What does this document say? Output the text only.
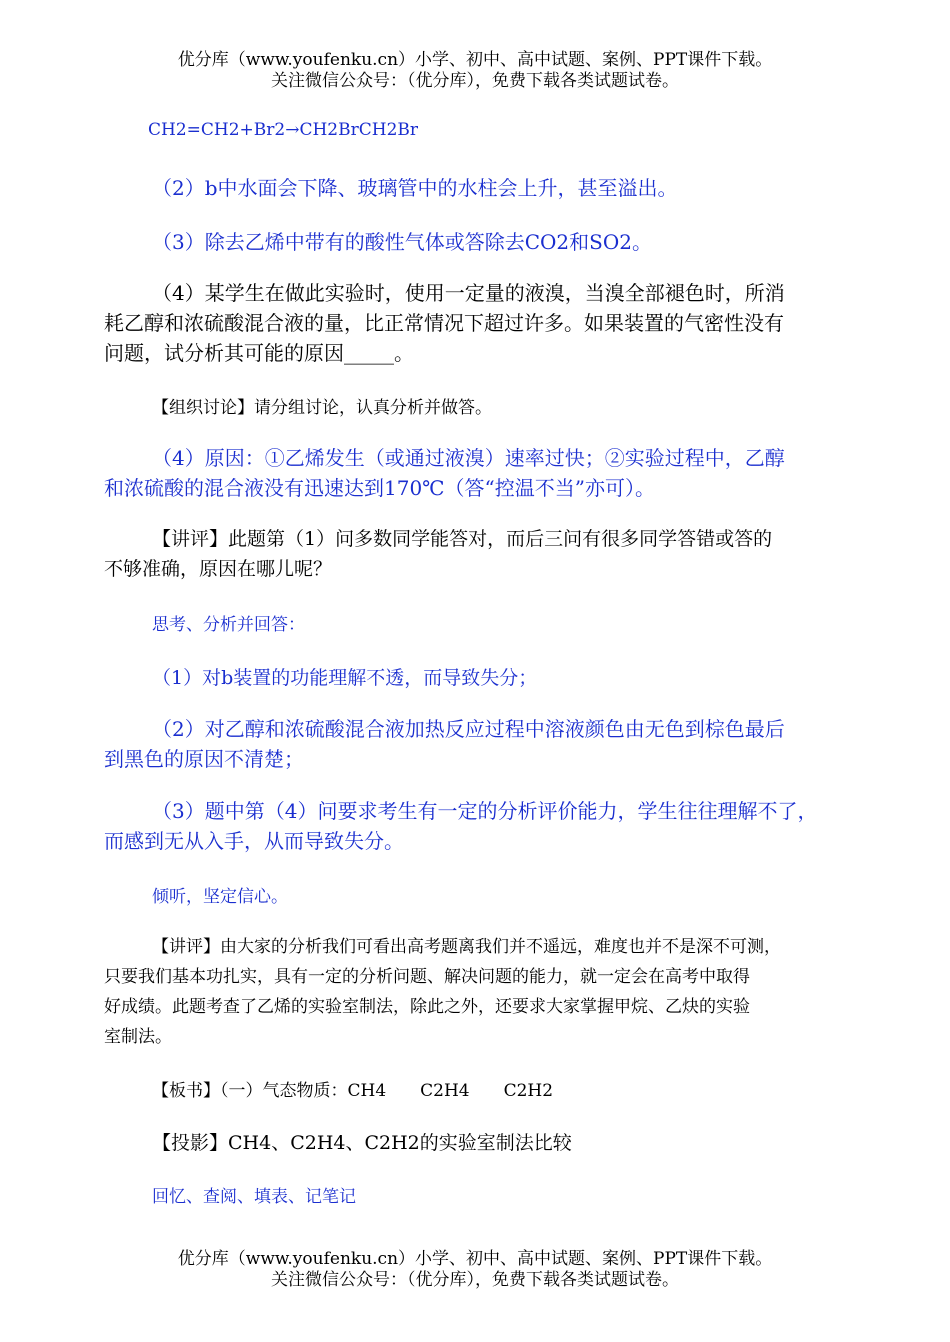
优分库（www.youfenku.cn）小学、初中、高中试题、案例、PPT课件下载。
关注微信公众号：（优分库），免费下载各类试题试卷。
CH2=CH2+Br2→CH2BrCH2Br
（2）b中水面会下降、玻璃管中的水柱会上升，甚至溢出。
（3）除去乙烯中带有的酸性气体或答除去CO2和SO2。
（4）某学生在做此实验时，使用一定量的液溴，当溴全部褪色时，所消
耗乙醇和浓硫酸混合液的量，比正常情况下超过许多。如果装置的气密性没有
问题，试分析其可能的原因_____。
【组织讨论】请分组讨论，认真分析并做答。
（4）原因：①乙烯发生（或通过液溴）速率过快；②实验过程中，乙醇
和浓硫酸的混合液没有迅速达到170℃（答“控温不当”亦可）。
【讲评】此题第（1）问多数同学能答对，而后三问有很多同学答错或答的
不够准确，原因在哪儿呢？
思考、分析并回答：
（1）对b装置的功能理解不透，而导致失分；
（2）对乙醇和浓硫酸混合液加热反应过程中溶液颜色由无色到棕色最后
到黑色的原因不清楚；
（3）题中第（4）问要求考生有一定的分析评价能力，学生往往理解不了，
而感到无从入手，从而导致失分。
倾听，坚定信心。
【讲评】由大家的分析我们可看出高考题离我们并不遥远，难度也并不是深不可测，
只要我们基本功扎实，具有一定的分析问题、解决问题的能力，就一定会在高考中取得
好成绩。此题考查了乙烯的实验室制法，除此之外，还要求大家掌握甲烷、乙炔的实验
室制法。
【板书】（一）气态物质：CH4　　C2H4　　C2H2
【投影】CH4、C2H4、C2H2的实验室制法比较
回忆、查阅、填表、记笔记
优分库（www.youfenku.cn）小学、初中、高中试题、案例、PPT课件下载。
关注微信公众号：（优分库），免费下载各类试题试卷。
